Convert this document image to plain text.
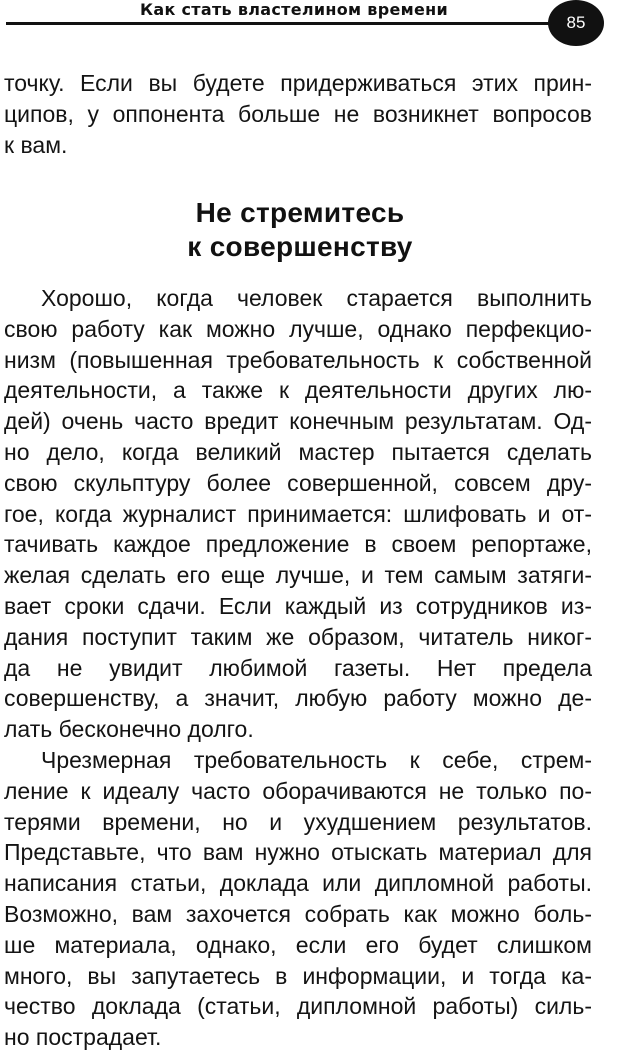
Как стать властелином времени
85
точку. Если вы будете придерживаться этих прин-
ципов, у оппонента больше не возникнет вопросов
к вам.
Не стремитесь
к совершенству
Хорошо, когда человек старается выполнить
свою работу как можно лучше, однако перфекцио-
низм (повышенная требовательность к собственной
деятельности, а также к деятельности других лю-
дей) очень часто вредит конечным результатам. Од-
но дело, когда великий мастер пытается сделать
свою скульптуру более совершенной, совсем дру-
гое, когда журналист принимается: шлифовать и от-
тачивать каждое предложение в своем репортаже,
желая сделать его еще лучше, и тем самым затяги-
вает сроки сдачи. Если каждый из сотрудников из-
дания поступит таким же образом, читатель никог-
да не увидит любимой газеты. Нет предела
совершенству, а значит, любую работу можно де-
лать бесконечно долго.
Чрезмерная требовательность к себе, стрем-
ление к идеалу часто оборачиваются не только по-
терями времени, но и ухудшением результатов.
Представьте, что вам нужно отыскать материал для
написания статьи, доклада или дипломной работы.
Возможно, вам захочется собрать как можно боль-
ше материала, однако, если его будет слишком
много, вы запутаетесь в информации, и тогда ка-
чество доклада (статьи, дипломной работы) силь-
но пострадает.
